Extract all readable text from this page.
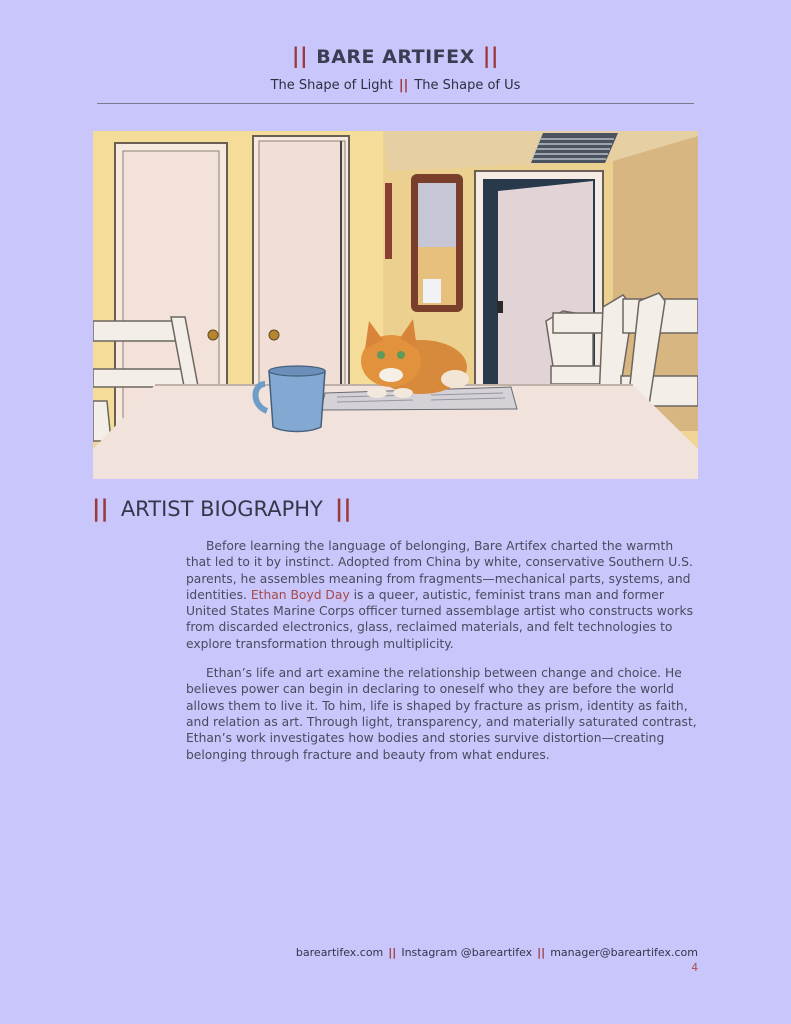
|| BARE ARTIFEX ||
The Shape of Light || The Shape of Us
|| ARTIST BIOGRAPHY ||

Before learning the language of belonging, Bare Artifex charted the warmth that led to it by instinct. Adopted from China by white, conservative Southern U.S. parents, he assembles meaning from fragments—mechanical parts, systems, and identities. Ethan Boyd Day is a queer, autistic, feminist trans man and former United States Marine Corps officer turned assemblage artist who constructs works from discarded electronics, glass, reclaimed materials, and felt technologies to explore transformation through multiplicity.

Ethan’s life and art examine the relationship between change and choice. He believes power can begin in declaring to oneself who they are before the world allows them to live it. To him, life is shaped by fracture as prism, identity as faith, and relation as art. Through light, transparency, and materially saturated contrast, Ethan’s work investigates how bodies and stories survive distortion—creating belonging through fracture and beauty from what endures.

bareartifex.com || Instagram @bareartifex || manager@bareartifex.com
4
